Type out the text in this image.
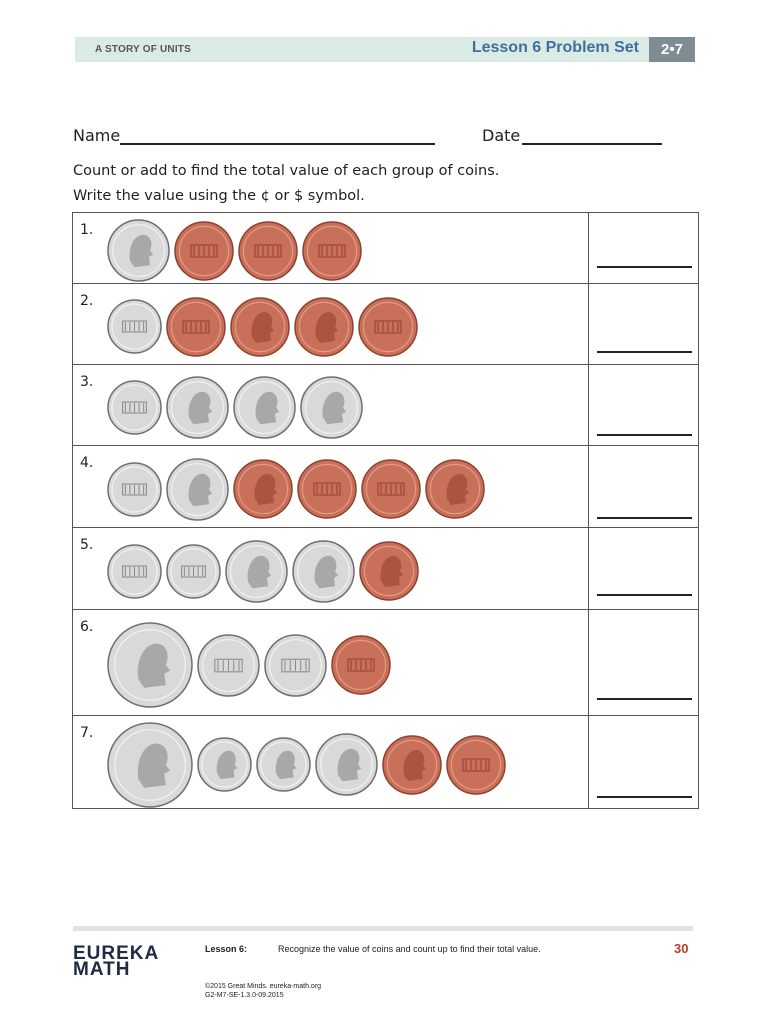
A STORY OF UNITS	Lesson 6 Problem Set	2•7
Name	Date
Count or add to find the total value of each group of coins.
Write the value using the ¢ or $ symbol.
1.
2.
3.
4.
5.
6.
7.
EUREKA
MATH
Lesson 6:	Recognize the value of coins and count up to find their total value.	30
©2015 Great Minds. eureka-math.org
G2-M7-SE-1.3.0-09.2015
